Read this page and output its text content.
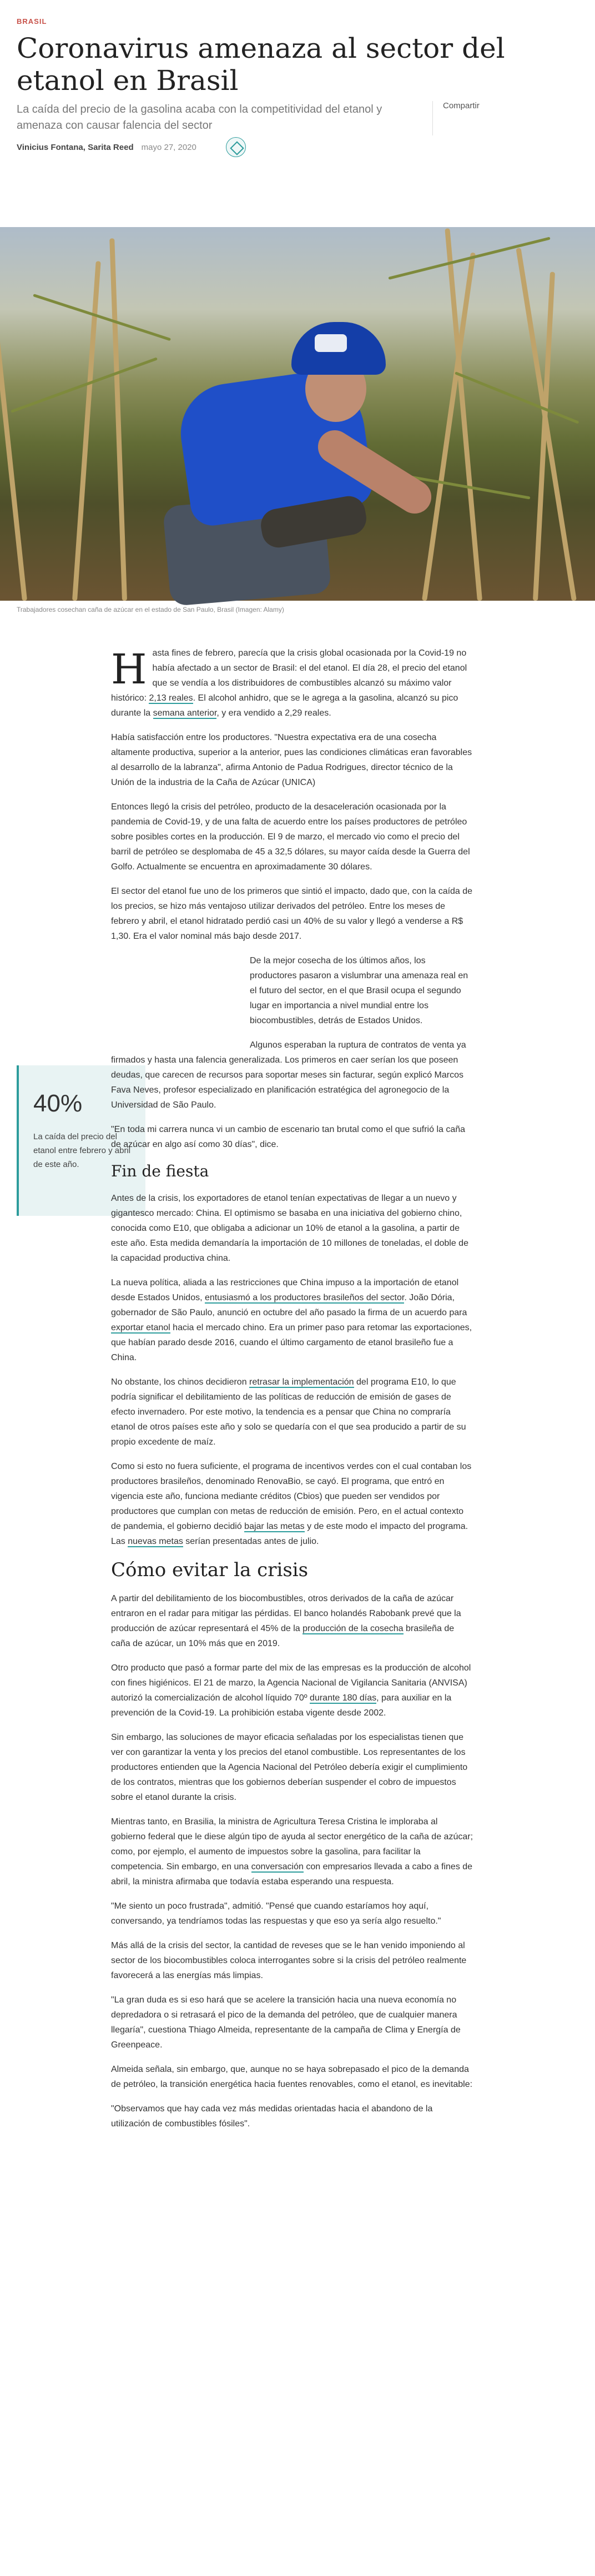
BRASIL
Coronavirus amenaza al sector del etanol en Brasil

La caída del precio de la gasolina acaba con la competitividad del etanol y amenaza con causar falencia del sector

Compartir
Vinicius Fontana, Sarita Reed mayo 27, 2020

Trabajadores cosechan caña de azúcar en el estado de San Paulo, Brasil (Imagen: Alamy)

40%
La caída del precio del etanol entre febrero y abril de este año.

Hasta fines de febrero, parecía que la crisis global ocasionada por la Covid-19 no había afectado a un sector de Brasil: el del etanol. El día 28, el precio del etanol que se vendía a los distribuidores de combustibles alcanzó su máximo valor histórico: 2,13 reales. El alcohol anhidro, que se le agrega a la gasolina, alcanzó su pico durante la semana anterior, y era vendido a 2,29 reales.

Había satisfacción entre los productores. "Nuestra expectativa era de una cosecha altamente productiva, superior a la anterior, pues las condiciones climáticas eran favorables al desarrollo de la labranza", afirma Antonio de Padua Rodrigues, director técnico de la Unión de la industria de la Caña de Azúcar (UNICA)

Entonces llegó la crisis del petróleo, producto de la desaceleración ocasionada por la pandemia de Covid-19, y de una falta de acuerdo entre los países productores de petróleo sobre posibles cortes en la producción. El 9 de marzo, el mercado vio como el precio del barril de petróleo se desplomaba de 45 a 32,5 dólares, su mayor caída desde la Guerra del Golfo. Actualmente se encuentra en aproximadamente 30 dólares.

El sector del etanol fue uno de los primeros que sintió el impacto, dado que, con la caída de los precios, se hizo más ventajoso utilizar derivados del petróleo. Entre los meses de febrero y abril, el etanol hidratado perdió casi un 40% de su valor y llegó a venderse a R$ 1,30. Era el valor nominal más bajo desde 2017.

De la mejor cosecha de los últimos años, los productores pasaron a vislumbrar una amenaza real en el futuro del sector, en el que Brasil ocupa el segundo lugar en importancia a nivel mundial entre los biocombustibles, detrás de Estados Unidos.

Algunos esperaban la ruptura de contratos de venta ya firmados y hasta una falencia generalizada. Los primeros en caer serían los que poseen deudas, que carecen de recursos para soportar meses sin facturar, según explicó Marcos Fava Neves, profesor especializado en planificación estratégica del agronegocio de la Universidad de São Paulo.

"En toda mi carrera nunca vi un cambio de escenario tan brutal como el que sufrió la caña de azúcar en algo así como 30 días", dice.

Fin de fiesta

Antes de la crisis, los exportadores de etanol tenían expectativas de llegar a un nuevo y gigantesco mercado: China. El optimismo se basaba en una iniciativa del gobierno chino, conocida como E10, que obligaba a adicionar un 10% de etanol a la gasolina, a partir de este año. Esta medida demandaría la importación de 10 millones de toneladas, el doble de la capacidad productiva china.

La nueva política, aliada a las restricciones que China impuso a la importación de etanol desde Estados Unidos, entusiasmó a los productores brasileños del sector. João Dória, gobernador de São Paulo, anunció en octubre del año pasado la firma de un acuerdo para exportar etanol hacia el mercado chino. Era un primer paso para retomar las exportaciones, que habían parado desde 2016, cuando el último cargamento de etanol brasileño fue a China.

No obstante, los chinos decidieron retrasar la implementación del programa E10, lo que podría significar el debilitamiento de las políticas de reducción de emisión de gases de efecto invernadero. Por este motivo, la tendencia es a pensar que China no compraría etanol de otros países este año y solo se quedaría con el que sea producido a partir de su propio excedente de maíz.

Como si esto no fuera suficiente, el programa de incentivos verdes con el cual contaban los productores brasileños, denominado RenovaBio, se cayó. El programa, que entró en vigencia este año, funciona mediante créditos (Cbios) que pueden ser vendidos por productores que cumplan con metas de reducción de emisión. Pero, en el actual contexto de pandemia, el gobierno decidió bajar las metas y de este modo el impacto del programa. Las nuevas metas serían presentadas antes de julio.

Cómo evitar la crisis

A partir del debilitamiento de los biocombustibles, otros derivados de la caña de azúcar entraron en el radar para mitigar las pérdidas. El banco holandés Rabobank prevé que la producción de azúcar representará el 45% de la producción de la cosecha brasileña de caña de azúcar, un 10% más que en 2019.

Otro producto que pasó a formar parte del mix de las empresas es la producción de alcohol con fines higiénicos. El 21 de marzo, la Agencia Nacional de Vigilancia Sanitaria (ANVISA) autorizó la comercialización de alcohol líquido 70º durante 180 días, para auxiliar en la prevención de la Covid-19. La prohibición estaba vigente desde 2002.

Sin embargo, las soluciones de mayor eficacia señaladas por los especialistas tienen que ver con garantizar la venta y los precios del etanol combustible. Los representantes de los productores entienden que la Agencia Nacional del Petróleo debería exigir el cumplimiento de los contratos, mientras que los gobiernos deberían suspender el cobro de impuestos sobre el etanol durante la crisis.

Mientras tanto, en Brasilia, la ministra de Agricultura Teresa Cristina le imploraba al gobierno federal que le diese algún tipo de ayuda al sector energético de la caña de azúcar; como, por ejemplo, el aumento de impuestos sobre la gasolina, para facilitar la competencia. Sin embargo, en una conversación con empresarios llevada a cabo a fines de abril, la ministra afirmaba que todavía estaba esperando una respuesta.

"Me siento un poco frustrada", admitió. "Pensé que cuando estaríamos hoy aquí, conversando, ya tendríamos todas las respuestas y que eso ya sería algo resuelto."

Más allá de la crisis del sector, la cantidad de reveses que se le han venido imponiendo al sector de los biocombustibles coloca interrogantes sobre si la crisis del petróleo realmente favorecerá a las energías más limpias.

"La gran duda es si eso hará que se acelere la transición hacia una nueva economía no depredadora o si retrasará el pico de la demanda del petróleo, que de cualquier manera llegaría", cuestiona Thiago Almeida, representante de la campaña de Clima y Energía de Greenpeace.

Almeida señala, sin embargo, que, aunque no se haya sobrepasado el pico de la demanda de petróleo, la transición energética hacia fuentes renovables, como el etanol, es inevitable:

"Observamos que hay cada vez más medidas orientadas hacia el abandono de la utilización de combustibles fósiles".
